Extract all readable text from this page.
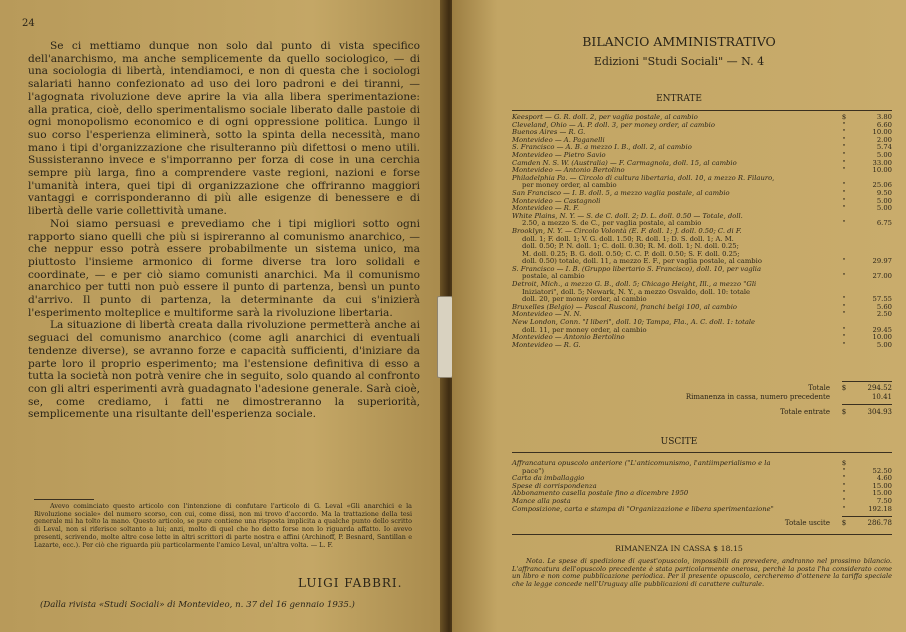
24

Se ci mettiamo dunque non solo dal punto di vista specifico dell'anarchismo, ma anche semplicemente da quello sociologico, — di una sociologia di libertà, intendiamoci, e non di questa che i sociologi salariati hanno confezionato ad uso dei loro padroni e dei tiranni, — l'agognata rivoluzione deve aprire la via alla libera sperimentazione: alla pratica, cioè, dello sperimentalismo sociale liberato dalle pastoie di ogni monopolismo economico e di ogni oppressione politica. Lungo il suo corso l'esperienza eliminerà, sotto la spinta della necessità, mano mano i tipi d'organizzazione che risulteranno più difettosi o meno utili. Sussisteranno invece e s'imporranno per forza di cose in una cerchia sempre più larga, fino a comprendere vaste regioni, nazioni e forse l'umanità intera, quei tipi di organizzazione che offriranno maggiori vantaggi e corrisponderanno di più alle esigenze di benessere e di libertà delle varie collettività umane.

Noi siamo persuasi e prevediamo che i tipi migliori sotto ogni rapporto siano quelli che più si ispireranno al comunismo anarchico, — che neppur esso potrà essere probabilmente un sistema unico, ma piuttosto l'insieme armonico di forme diverse tra loro solidali e coordinate, — e per ciò siamo comunisti anarchici. Ma il comunismo anarchico per tutti non può essere il punto di partenza, bensì un punto d'arrivo. Il punto di partenza, la determinante da cui s'inizierà l'esperimento molteplice e multiforme sarà la rivoluzione libertaria.

La situazione di libertà creata dalla rivoluzione permetterà anche ai seguaci del comunismo anarchico (come agli anarchici di eventuali tendenze diverse), se avranno forze e capacità sufficienti, d'iniziare da parte loro il proprio esperimento; ma l'estensione definitiva di esso a tutta la società non potrà venire che in seguito, solo quando al confronto con gli altri esperimenti avrà guadagnato l'adesione generale. Sarà cioè, se, come crediamo, i fatti ne dimostreranno la superiorità, semplicemente una risultante dell'esperienza sociale.

Avevo cominciato questo articolo con l'intenzione di confutare l'articolo di G. Leval «Gli anarchici e la Rivoluzione sociale» del numero scorso, con cui, come dissi, non mi trovo d'accordo. Ma la trattazione della tesi generale mi ha tolto la mano. Questo articolo, se pure contiene una risposta implicita a qualche punto dello scritto di Leval, non si riferisce soltanto a lui; anzi, molto di quel che ho detto forse non lo riguarda affatto. Io avevo presenti, scrivendo, molte altre cose lette in altri scrittori di parte nostra e affini (Archinoff, P. Besnard, Santillan e Lazarte, ecc.). Per ciò che riguarda più particolarmente l'amico Leval, un'altra volta. — L. F.
LUIGI FABBRI.
(Dalla rivista «Studi Sociali» di Montevideo, n. 37 del 16 gennaio 1935.)
BILANCIO AMMINISTRATIVO
Edizioni "Studi Sociali" — N. 4
ENTRATE
Keesport — G. R. doll. 2, per vaglia postale, al cambio	$	3.80
Cleveland, Ohio — A. P. doll. 3, per money order, al cambio	"	6.60
Buenos Aires — R. G.	"	10.00
Montevideo — A. Paganelli	"	2.00
S. Francisco — A. B. a mezzo I. B., doll. 2, al cambio	"	5.74
Montevideo — Pietro Savio	"	5.00
Camden N. S. W. (Australia) — F. Carmagnola, doll. 15, al cambio	"	33.00
Montevideo — Antonio Bertolino	"	10.00
Philadelphia Pa. — Circolo di cultura libertaria, doll. 10, a mezzo R. Filauro,
per money order, al cambio	"	25.06
San Francisco — I. B. doll. 5, a mezzo vaglia postale, al cambio	"	9.50
Montevideo — Castagnoli	"	5.00
Montevideo — R. F.	"	5.00
White Plains, N. Y. — S. de C. doll. 2; D. L. doll. 0.50 — Totale, doll.
2.50, a mezzo S. de C., per vaglia postale, al cambio	"	6.75
Brooklyn, N. Y. — Circolo Volontà (E. F. doll. 1; J. doll. 0.50; C. di F.
doll. 1; F. doll. 1; V. G. doll. 1.50; R. doll. 1; D. S. doll. 1; A. M.
doll. 0.50; P. N. doll. 1; C. doll. 0.30; R. M. doll. 1; N. doll. 0.25;
M. doll. 0.25; B. G. doll. 0.50; C. C. P. doll. 0.50; S. F. doll. 0.25;
doll. 0.50) totale, doll. 11, a mezzo E. F., per vaglia postale, al cambio	"	29.97
S. Francisco — I. B. (Gruppo libertario S. Francisco), doll. 10, per vaglia
postale, al cambio	"	27.00
Detroit, Mich., a mezzo G. B., doll. 5; Chicago Height, Ill., a mezzo "Gli
Iniziatori", doll. 5; Newark, N. Y., a mezzo Osvaldo, doll. 10: totale
doll. 20, per money order, al cambio	"	57.55
Bruxelles (Belgio) — Pascal Rusconi, franchi belgi 100, al cambio	"	5.60
Montevideo — N. N.	"	2.50
New London, Conn. "I liberi", doll. 10; Tampa, Fla., A. C. doll. 1: totale
doll. 11, per money order, al cambio	"	29.45
Montevideo — Antonio Bertolino	"	10.00
Montevideo — R. G.	"	5.00
Totale	$	294.52
Rimanenza in cassa, numero precedente	10.41
Totale entrate	$	304.93
USCITE
Affrancatura opuscolo anteriore ("L'anticomunismo, l'antiimperialismo e la	$
pace")	"	52.50
Carta da imballaggio	"	4.60
Spese di corrispondenza	"	15.00
Abbonamento casella postale fino a dicembre 1950	"	15.00
Mance alla posta	"	7.50
Composizione, carta e stampa di "Organizzazione e libera sperimentazione"	"	192.18
Totale uscite	$	286.78
RIMANENZA IN CASSA $ 18.15
Nota. Le spese di spedizione di quest'opuscolo, impossibili da prevedere, andranno nel prossimo bilancio. L'affrancatura dell'opuscolo precedente è stata particolarmente onerosa, perchè la posta l'ha considerato come un libro e non come pubblicazione periodica. Per il presente opuscolo, cercheremo d'ottenere la tariffa speciale che la legge concede nell'Uruguay alle pubblicazioni di carattere culturale.
